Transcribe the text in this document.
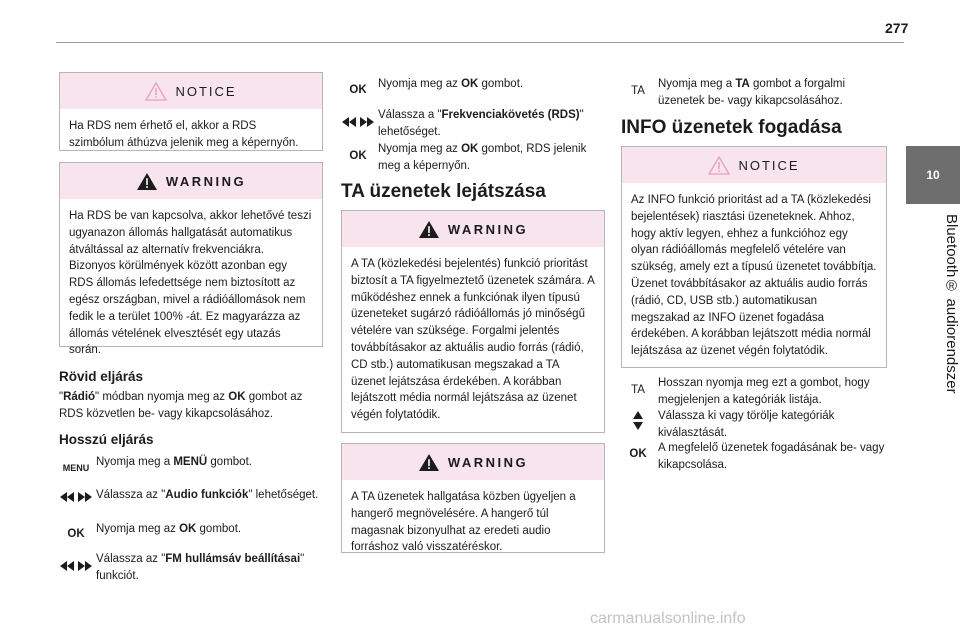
277
10
Bluetooth® audiorendszer
NOTICE
Ha RDS nem érhető el, akkor a RDS szimbólum áthúzva jelenik meg a képernyőn.
WARNING
Ha RDS be van kapcsolva, akkor lehetővé teszi ugyanazon állomás hallgatását automatikus átváltással az alternatív frekvenciákra. Bizonyos körülmények között azonban egy RDS állomás lefedettsége nem biztosított az egész országban, mivel a rádióállomások nem fedik le a terület 100% -át. Ez magyarázza az állomás vételének elvesztését egy utazás során.
Rövid eljárás
"Rádió" módban nyomja meg az OK gombot az RDS közvetlen be- vagy kikapcsolásához.
Hosszú eljárás
MENU Nyomja meg a MENÜ gombot.
Válassza az "Audio funkciók" lehetőséget.
OK Nyomja meg az OK gombot.
Válassza az "FM hullámsáv beállításai" funkciót.
OK Nyomja meg az OK gombot.
Válassza a "Frekvenciakövetés (RDS)" lehetőséget.
OK
Nyomja meg az OK gombot, RDS jelenik meg a képernyőn.
TA üzenetek lejátszása
WARNING
A TA (közlekedési bejelentés) funkció prioritást biztosít a TA figyelmeztető üzenetek számára. A működéshez ennek a funkciónak ilyen típusú üzeneteket sugárzó rádióállomás jó minőségű vételére van szüksége. Forgalmi jelentés továbbításakor az aktuális audio forrás (rádió, CD stb.) automatikusan megszakad a TA üzenet lejátszása érdekében. A korábban lejátszott média normál lejátszása az üzenet végén folytatódik.
WARNING
A TA üzenetek hallgatása közben ügyeljen a hangerő megnövelésére. A hangerő túl magasnak bizonyulhat az eredeti audio forráshoz való visszatéréskor.
TA
Nyomja meg a TA gombot a forgalmi üzenetek be- vagy kikapcsolásához.
INFO üzenetek fogadása
NOTICE
Az INFO funkció prioritást ad a TA (közlekedési bejelentések) riasztási üzeneteknek. Ahhoz, hogy aktív legyen, ehhez a funkcióhoz egy olyan rádióállomás megfelelő vételére van szükség, amely ezt a típusú üzenetet továbbítja. Üzenet továbbításakor az aktuális audio forrás (rádió, CD, USB stb.) automatikusan megszakad az INFO üzenet fogadása érdekében. A korábban lejátszott média normál lejátszása az üzenet végén folytatódik.
TA
Hosszan nyomja meg ezt a gombot, hogy megjelenjen a kategóriák listája.
Válassza ki vagy törölje kategóriák kiválasztását.
OK A megfelelő üzenetek fogadásának be- vagy kikapcsolása.
carmanualsonline.info
